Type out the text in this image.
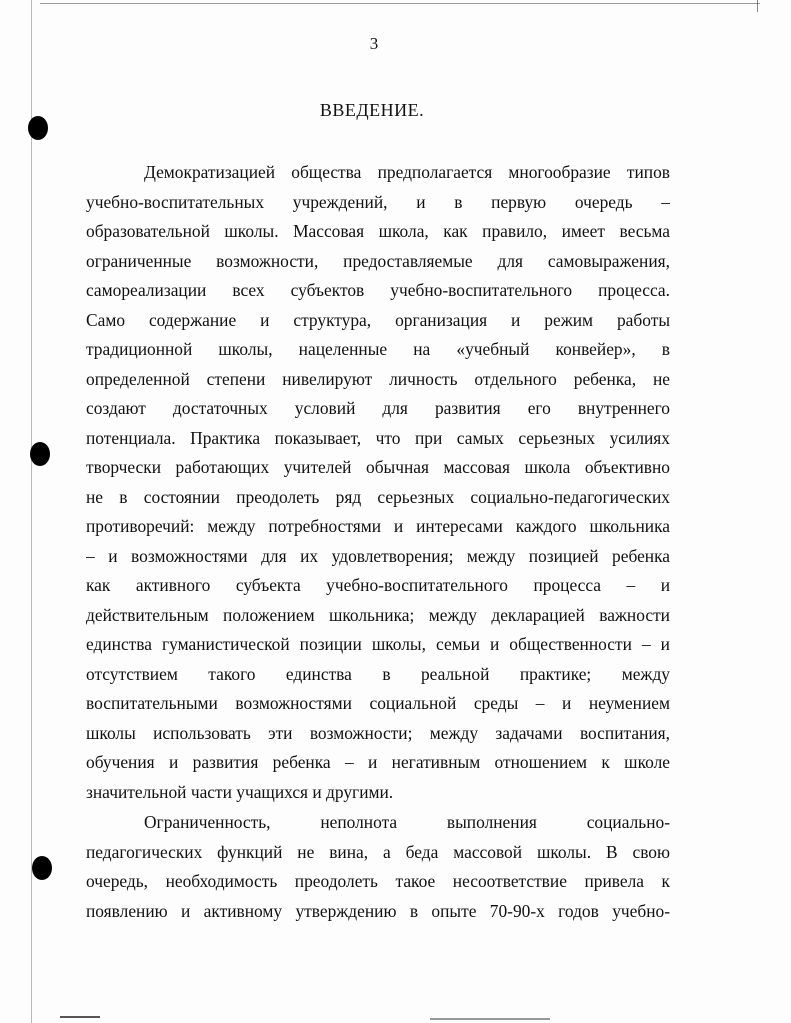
3
ВВЕДЕНИЕ.
Демократизацией общества предполагается многообразие типов
учебно-воспитательных учреждений, и в первую очередь –
образовательной школы. Массовая школа, как правило, имеет весьма
ограниченные возможности, предоставляемые для самовыражения,
самореализации всех субъектов учебно-воспитательного процесса.
Само содержание и структура, организация и режим работы
традиционной школы, нацеленные на «учебный конвейер», в
определенной степени нивелируют личность отдельного ребенка, не
создают достаточных условий для развития его внутреннего
потенциала. Практика показывает, что при самых серьезных усилиях
творчески работающих учителей обычная массовая школа объективно
не в состоянии преодолеть ряд серьезных социально-педагогических
противоречий: между потребностями и интересами каждого школьника
– и возможностями для их удовлетворения; между позицией ребенка
как активного субъекта учебно-воспитательного процесса – и
действительным положением школьника; между декларацией важности
единства гуманистической позиции школы, семьи и общественности – и
отсутствием такого единства в реальной практике; между
воспитательными возможностями социальной среды – и неумением
школы использовать эти возможности; между задачами воспитания,
обучения и развития ребенка – и негативным отношением к школе
значительной части учащихся и другими.
Ограниченность, неполнота выполнения социально-
педагогических функций не вина, а беда массовой школы. В свою
очередь, необходимость преодолеть такое несоответствие привела к
появлению и активному утверждению в опыте 70-90-х годов учебно-
